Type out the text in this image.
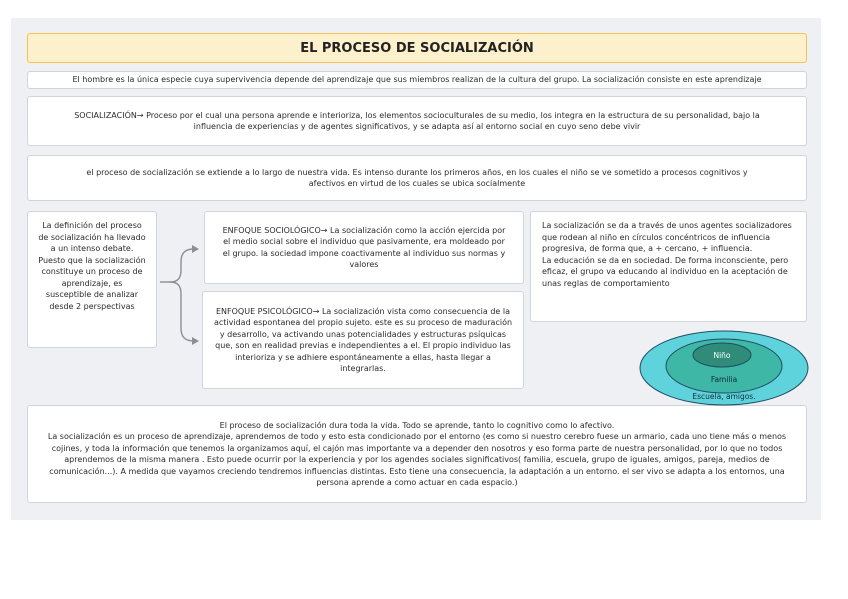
EL PROCESO DE SOCIALIZACIÓN
El hombre es la única especie cuya supervivencia depende del aprendizaje que sus miembros realizan de la cultura del grupo. La socialización consiste en este aprendizaje
SOCIALIZACIÓN→ Proceso por el cual una persona aprende e interioriza, los elementos socioculturales de su medio, los integra en la estructura de su personalidad, bajo la influencia de experiencias y de agentes significativos, y se adapta así al entorno social en cuyo seno debe vivir
el proceso de socialización se extiende a lo largo de nuestra vida. Es intenso durante los primeros años, en los cuales el niño se ve sometido a procesos cognitivos y afectivos en virtud de los cuales se ubica socialmente
La definición del proceso de socialización ha llevado a un intenso debate. Puesto que la socialización constituye un proceso de aprendizaje, es susceptible de analizar desde 2 perspectivas
ENFOQUE SOCIOLÓGICO→ La socialización como la acción ejercida por el medio social sobre el individuo que pasivamente, era moldeado por el grupo. la sociedad impone coactivamente al individuo sus normas y valores
ENFOQUE PSICOLÓGICO→ La socialización vista como consecuencia de la actividad espontanea del propio sujeto. este es su proceso de maduración y desarrollo, va activando unas potencialidades y estructuras psíquicas que, son en realidad previas e independientes a el. El propio individuo las interioriza y se adhiere espontáneamente a ellas, hasta llegar a integrarlas.
La socialización se da a través de unos agentes socializadores que rodean al niño en círculos concéntricos de influencia progresiva, de forma que, a + cercano, + influencia.
La educación se da en sociedad. De forma inconsciente, pero eficaz, el grupo va educando al individuo en la aceptación de unas reglas de comportamiento
El proceso de socialización dura toda la vida. Todo se aprende, tanto lo cognitivo como lo afectivo.
La socialización es un proceso de aprendizaje, aprendemos de todo y esto esta condicionado por el entorno (es como si nuestro cerebro fuese un armario, cada uno tiene más o menos cojines, y toda la información que tenemos la organizamos aquí, el cajón mas importante va a depender den nosotros y eso forma parte de nuestra personalidad, por lo que no todos aprendemos de la misma manera . Esto puede ocurrir por la experiencia y por los agendes sociales significativos( familia, escuela, grupo de iguales, amigos, pareja, medios de comunicación...). A medida que vayamos creciendo tendremos influencias distintas. Esto tiene una consecuencia, la adaptación a un entorno. el ser vivo se adapta a los entornos, una persona aprende a como actuar en cada espacio.)
Niño
Familia
Escuela, amigos.
